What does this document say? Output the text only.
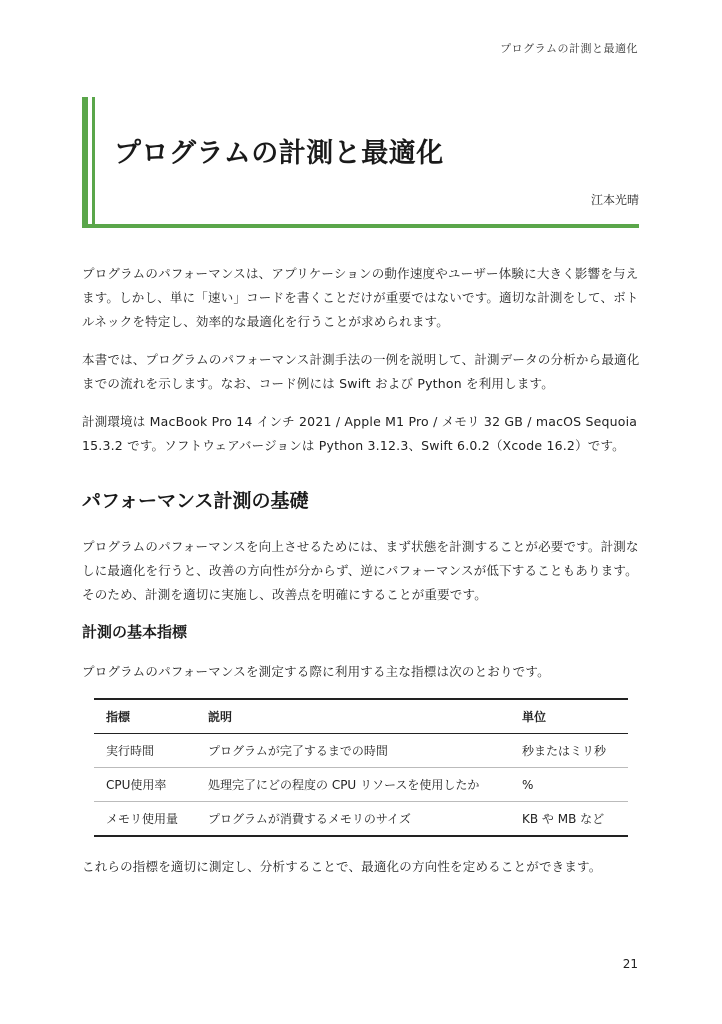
プログラムの計測と最適化
プログラムの計測と最適化
江本光晴

プログラムのパフォーマンスは、アプリケーションの動作速度やユーザー体験に大きく影響を与えます。しかし、単に「速い」コードを書くことだけが重要ではないです。適切な計測をして、ボトルネックを特定し、効率的な最適化を行うことが求められます。

本書では、プログラムのパフォーマンス計測手法の一例を説明して、計測データの分析から最適化までの流れを示します。なお、コード例には Swift および Python を利用します。

計測環境は MacBook Pro 14 インチ 2021 / Apple M1 Pro / メモリ 32 GB / macOS Sequoia 15.3.2 です。ソフトウェアバージョンは Python 3.12.3、Swift 6.0.2（Xcode 16.2）です。

パフォーマンス計測の基礎

プログラムのパフォーマンスを向上させるためには、まず状態を計測することが必要です。計測なしに最適化を行うと、改善の方向性が分からず、逆にパフォーマンスが低下することもあります。そのため、計測を適切に実施し、改善点を明確にすることが重要です。

計測の基本指標

プログラムのパフォーマンスを測定する際に利用する主な指標は次のとおりです。

指標	説明	単位
実行時間	プログラムが完了するまでの時間	秒またはミリ秒
CPU使用率	処理完了にどの程度の CPU リソースを使用したか	%
メモリ使用量	プログラムが消費するメモリのサイズ	KB や MB など

これらの指標を適切に測定し、分析することで、最適化の方向性を定めることができます。

21
